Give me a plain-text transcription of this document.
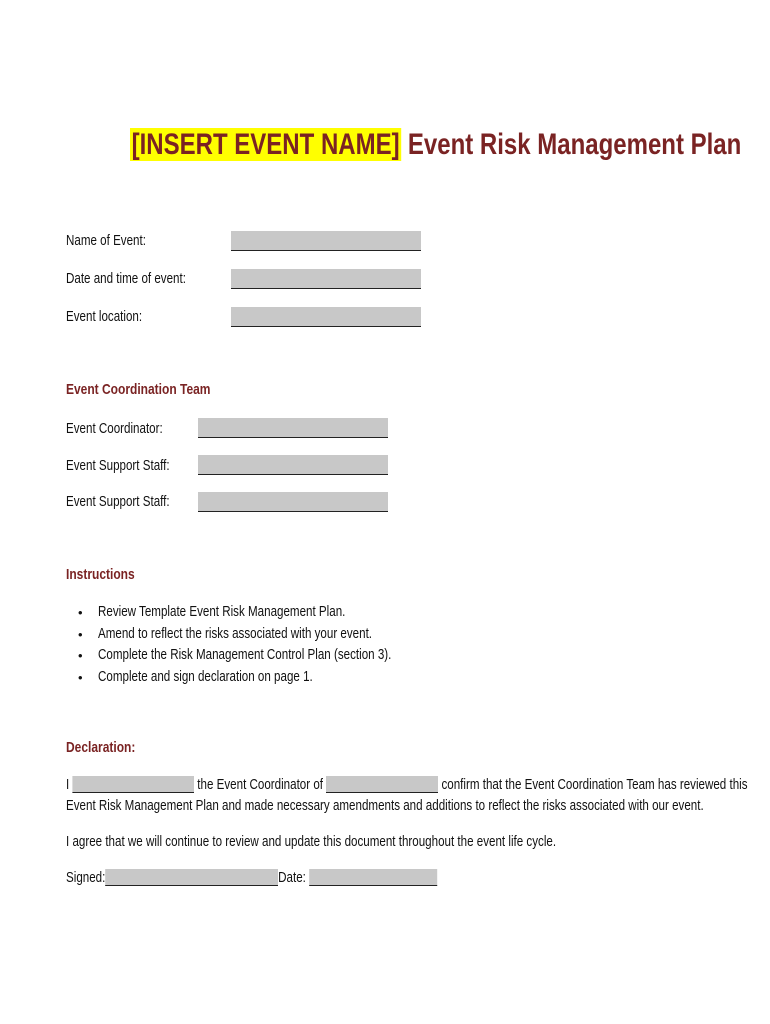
[INSERT EVENT NAME] Event Risk Management Plan
Name of Event:
Date and time of event:
Event location:
Event Coordination Team
Event Coordinator:
Event Support Staff:
Event Support Staff:
Instructions
• Review Template Event Risk Management Plan.
• Amend to reflect the risks associated with your event.
• Complete the Risk Management Control Plan (section 3).
• Complete and sign declaration on page 1.
Declaration:
I	the Event Coordinator of	confirm that the Event Coordination Team has reviewed this
Event Risk Management Plan and made necessary amendments and additions to reflect the risks associated with our event.
I agree that we will continue to review and update this document throughout the event life cycle.
Signed:	Date:
